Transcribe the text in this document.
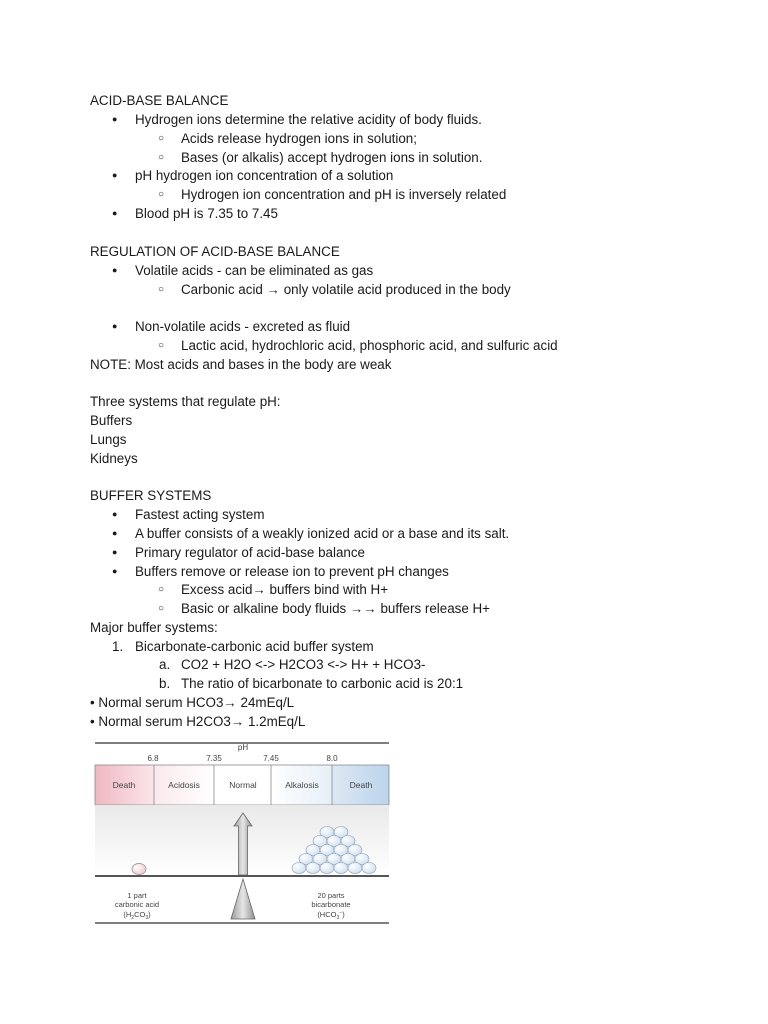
ACID-BASE BALANCE
● Hydrogen ions determine the relative acidity of body fluids.
○ Acids release hydrogen ions in solution;
○ Bases (or alkalis) accept hydrogen ions in solution.
● pH hydrogen ion concentration of a solution
○ Hydrogen ion concentration and pH is inversely related
● Blood pH is 7.35 to 7.45
REGULATION OF ACID-BASE BALANCE
● Volatile acids - can be eliminated as gas
○ Carbonic acid → only volatile acid produced in the body
● Non-volatile acids - excreted as fluid
○ Lactic acid, hydrochloric acid, phosphoric acid, and sulfuric acid
NOTE: Most acids and bases in the body are weak
Three systems that regulate pH:
Buffers
Lungs
Kidneys
BUFFER SYSTEMS
● Fastest acting system
● A buffer consists of a weakly ionized acid or a base and its salt.
● Primary regulator of acid-base balance
● Buffers remove or release ion to prevent pH changes
○ Excess acid→ buffers bind with H+
○ Basic or alkaline body fluids →→ buffers release H+
Major buffer systems:
1. Bicarbonate-carbonic acid buffer system
a. CO2 + H2O <-> H2CO3 <-> H+ + HCO3-
b. The ratio of bicarbonate to carbonic acid is 20:1
• Normal serum HCO3→ 24mEq/L
• Normal serum H2CO3→ 1.2mEq/L
pH
6.8	7.35	7.45	8.0
Death	Acidosis	Normal	Alkalosis	Death
1 part
carbonic acid
$(H_2CO_3)$
20 parts
bicarbonate
$(HCO_3^-)$
